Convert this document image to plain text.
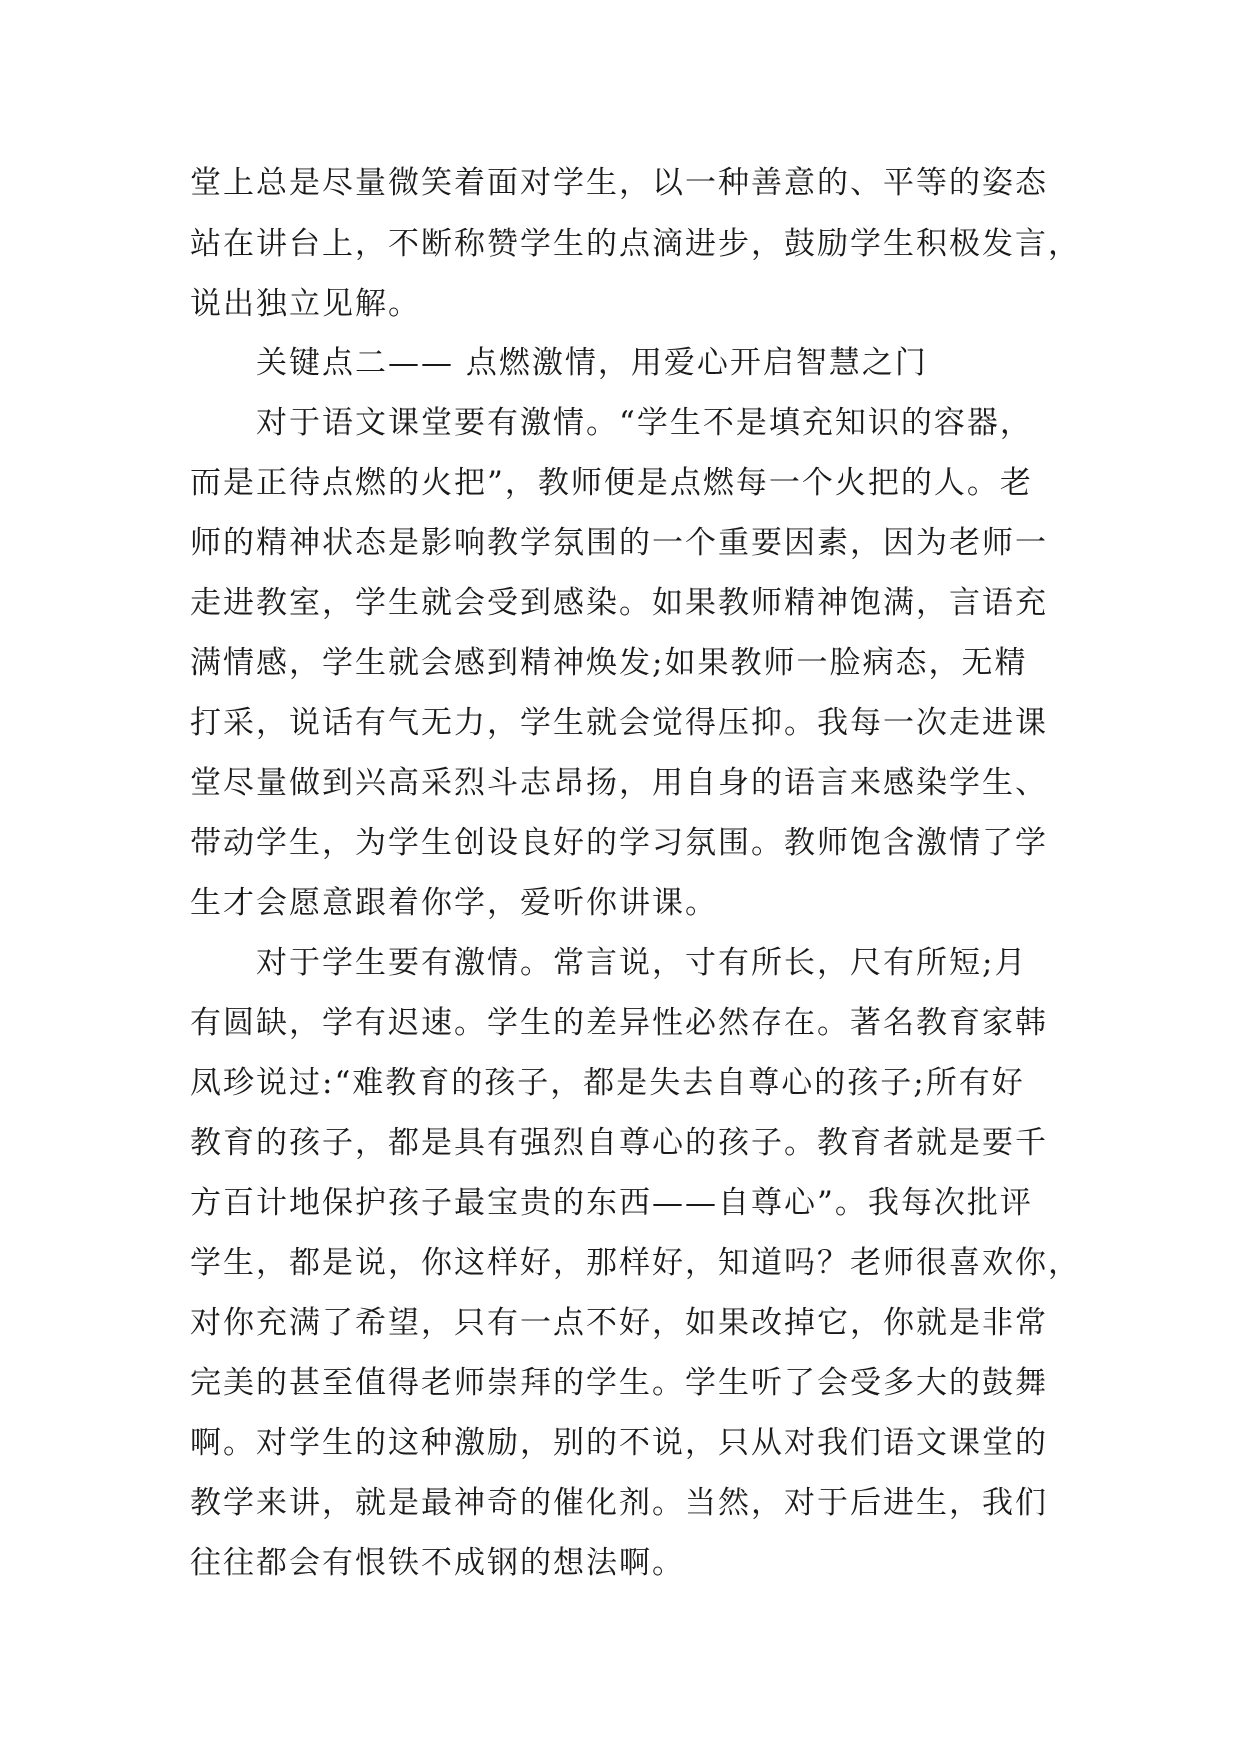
堂上总是尽量微笑着面对学生，以一种善意的、平等的姿态

站在讲台上，不断称赞学生的点滴进步，鼓励学生积极发言，

说出独立见解。

关键点二—— 点燃激情，用爱心开启智慧之门

对于语文课堂要有激情。“学生不是填充知识的容器，

而是正待点燃的火把”，教师便是点燃每一个火把的人。老

师的精神状态是影响教学氛围的一个重要因素，因为老师一

走进教室，学生就会受到感染。如果教师精神饱满，言语充

满情感，学生就会感到精神焕发;如果教师一脸病态，无精

打采，说话有气无力，学生就会觉得压抑。我每一次走进课

堂尽量做到兴高采烈斗志昂扬，用自身的语言来感染学生、

带动学生，为学生创设良好的学习氛围。教师饱含激情了学

生才会愿意跟着你学，爱听你讲课。

对于学生要有激情。常言说，寸有所长，尺有所短;月

有圆缺，学有迟速。学生的差异性必然存在。著名教育家韩

凤珍说过:“难教育的孩子，都是失去自尊心的孩子;所有好

教育的孩子，都是具有强烈自尊心的孩子。教育者就是要千

方百计地保护孩子最宝贵的东西——自尊心”。我每次批评

学生，都是说，你这样好，那样好，知道吗？老师很喜欢你，

对你充满了希望，只有一点不好，如果改掉它，你就是非常

完美的甚至值得老师崇拜的学生。学生听了会受多大的鼓舞

啊。对学生的这种激励，别的不说，只从对我们语文课堂的

教学来讲，就是最神奇的催化剂。当然，对于后进生，我们

往往都会有恨铁不成钢的想法啊。
